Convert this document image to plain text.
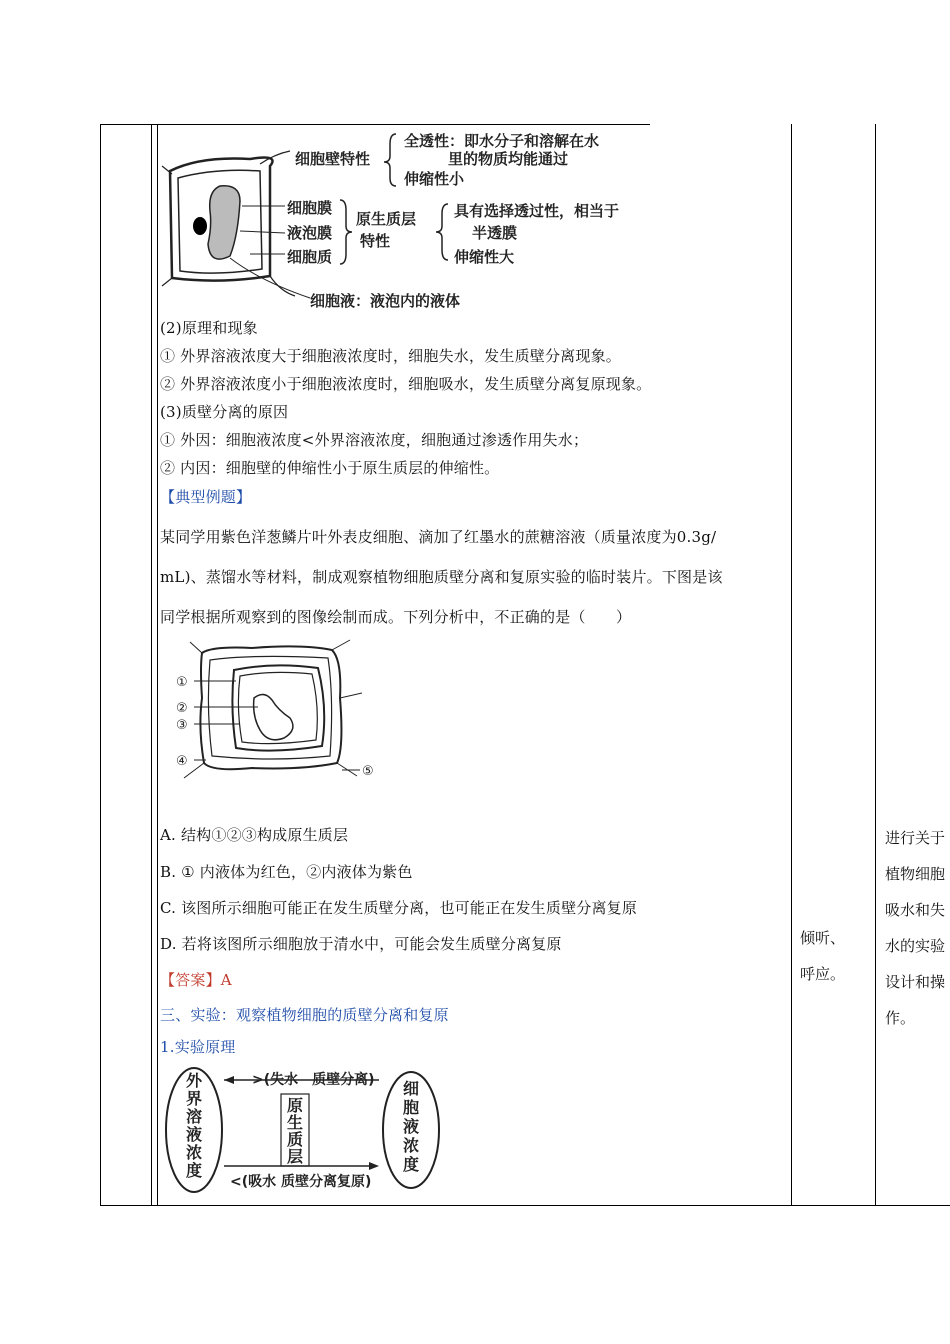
细胞壁特性
全透性：即水分子和溶解在水
里的物质均能通过
伸缩性小
细胞膜
液泡膜
细胞质
原生质层
特性
具有选择透过性，相当于
半透膜
伸缩性大
细胞液：液泡内的液体
(2)原理和现象
① 外界溶液浓度大于细胞液浓度时，细胞失水，发生质壁分离现象。
② 外界溶液浓度小于细胞液浓度时，细胞吸水，发生质壁分离复原现象。
(3)质壁分离的原因
① 外因：细胞液浓度<外界溶液浓度，细胞通过渗透作用失水；
② 内因：细胞壁的伸缩性小于原生质层的伸缩性。
【典型例题】
某同学用紫色洋葱鳞片叶外表皮细胞、滴加了红墨水的蔗糖溶液（质量浓度为0.3g/
mL)、蒸馏水等材料，制成观察植物细胞质壁分离和复原实验的临时装片。下图是该
同学根据所观察到的图像绘制而成。下列分析中，不正确的是（　　）
A. 结构①②③构成原生质层
B. ① 内液体为红色，②内液体为紫色
C. 该图所示细胞可能正在发生质壁分离，也可能正在发生质壁分离复原
D. 若将该图所示细胞放于清水中，可能会发生质壁分离复原
【答案】A
三、实验：观察植物细胞的质壁分离和复原
1.实验原理
①
②
③
④
⑤
>(失水　质壁分离)
<(吸水 质壁分离复原)
外
界
溶
液
浓
度
细
胞
液
浓
度
原
生
质
层
倾听、
呼应。
进行关于
植物细胞
吸水和失
水的实验
设计和操
作。
